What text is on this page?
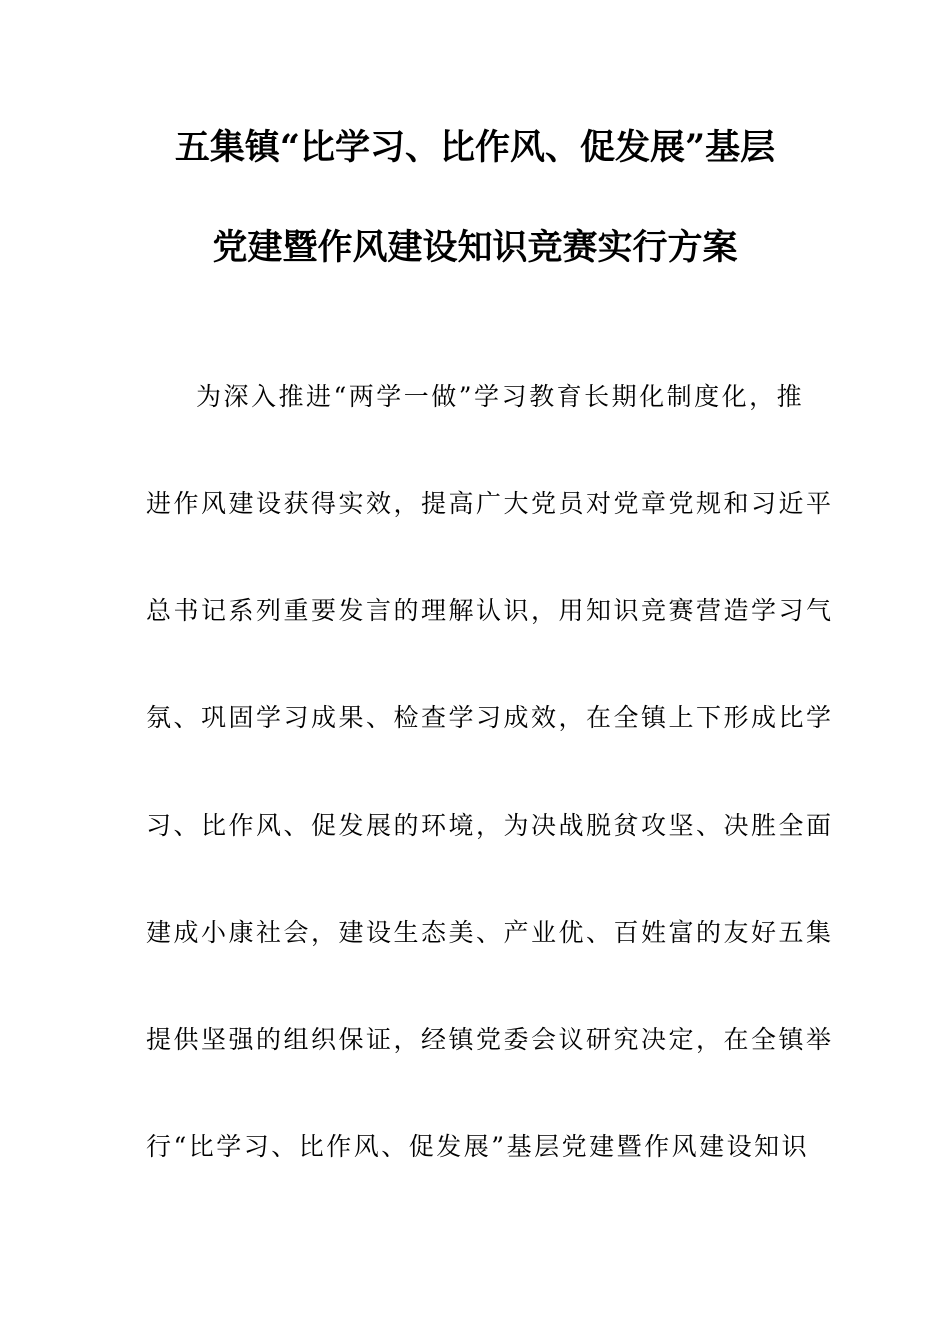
五集镇“比学习、比作风、促发展”基层
党建暨作风建设知识竞赛实行方案
为深入推进“两学一做”学习教育长期化制度化，推
进作风建设获得实效，提高广大党员对党章党规和习近平
总书记系列重要发言的理解认识，用知识竞赛营造学习气
氛、巩固学习成果、检查学习成效，在全镇上下形成比学
习、比作风、促发展的环境，为决战脱贫攻坚、决胜全面
建成小康社会，建设生态美、产业优、百姓富的友好五集
提供坚强的组织保证，经镇党委会议研究决定，在全镇举
行“比学习、比作风、促发展”基层党建暨作风建设知识
